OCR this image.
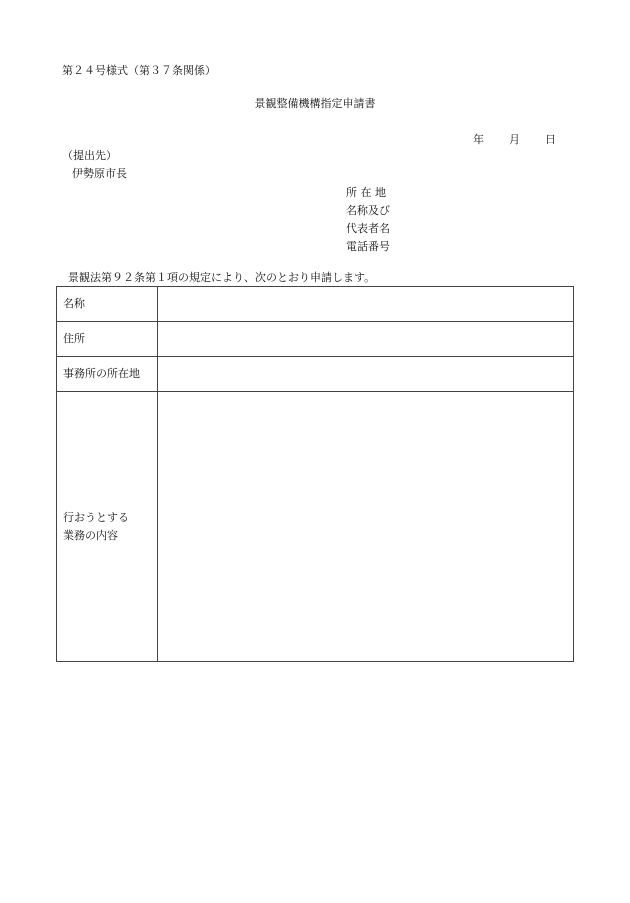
第２４号様式（第３７条関係）
景観整備機構指定申請書
年 月 日
（提出先）
伊勢原市長
所 在 地
名称及び
代表者名
電話番号
景観法第９２条第１項の規定により、次のとおり申請します。
名称	
住所	
事務所の所在地	

行おうとする
業務の内容	
